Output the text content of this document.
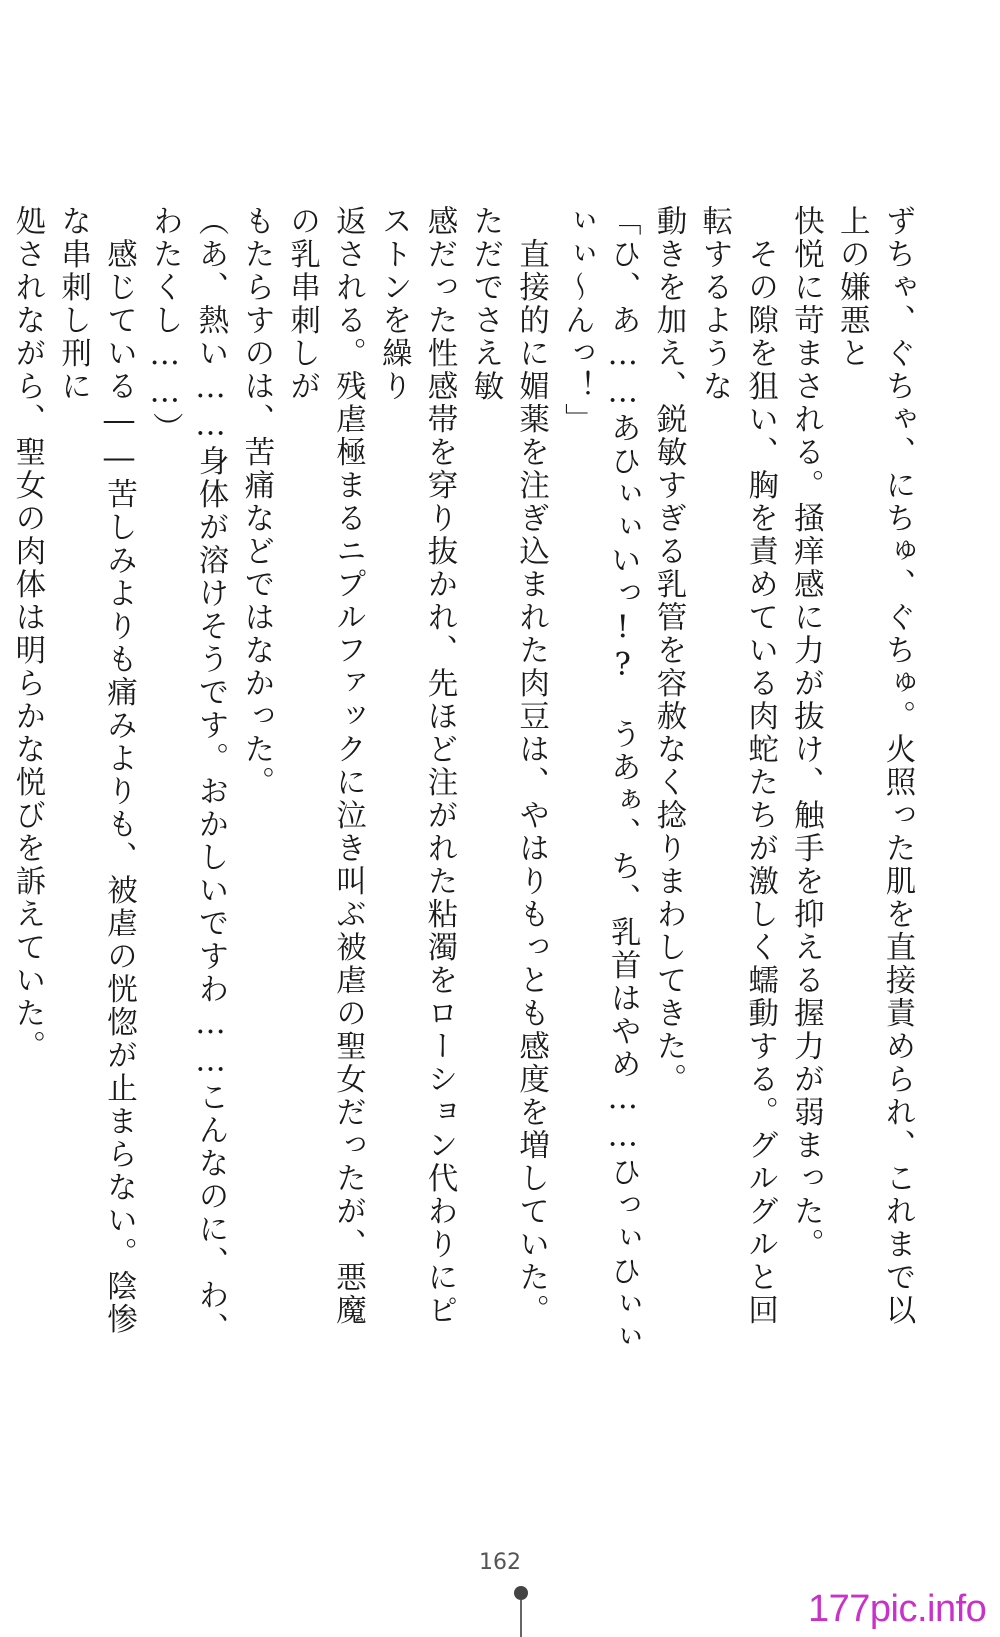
ずちゃ、ぐちゃ、にちゅ、ぐちゅ。火照った肌を直接責められ、これまで以上の嫌悪と

快悦に苛まされる。掻痒感に力が抜け、触手を抑える握力が弱まった。

　その隙を狙い、胸を責めている肉蛇たちが激しく蠕動する。グルグルと回転するような

動きを加え、鋭敏すぎる乳管を容赦なく捻りまわしてきた。

「ひ、あ……あひぃぃいっ!?　うあぁ、ち、乳首はやめ……ひっぃひぃぃぃぃ～んっ！」

　直接的に媚薬を注ぎ込まれた肉豆は、やはりもっとも感度を増していた。ただでさえ敏

感だった性感帯を穿り抜かれ、先ほど注がれた粘濁をローション代わりにピストンを繰り

返される。残虐極まるニプルファックに泣き叫ぶ被虐の聖女だったが、悪魔の乳串刺しが

もたらすのは、苦痛などではなかった。

（あ、熱い……身体が溶けそうです。おかしいですわ……こんなのに、わ、わたくし……）

　感じている――苦しみよりも痛みよりも、被虐の恍惚が止まらない。陰惨な串刺し刑に

処されながら、聖女の肉体は明らかな悦びを訴えていた。

162

177pic.info
